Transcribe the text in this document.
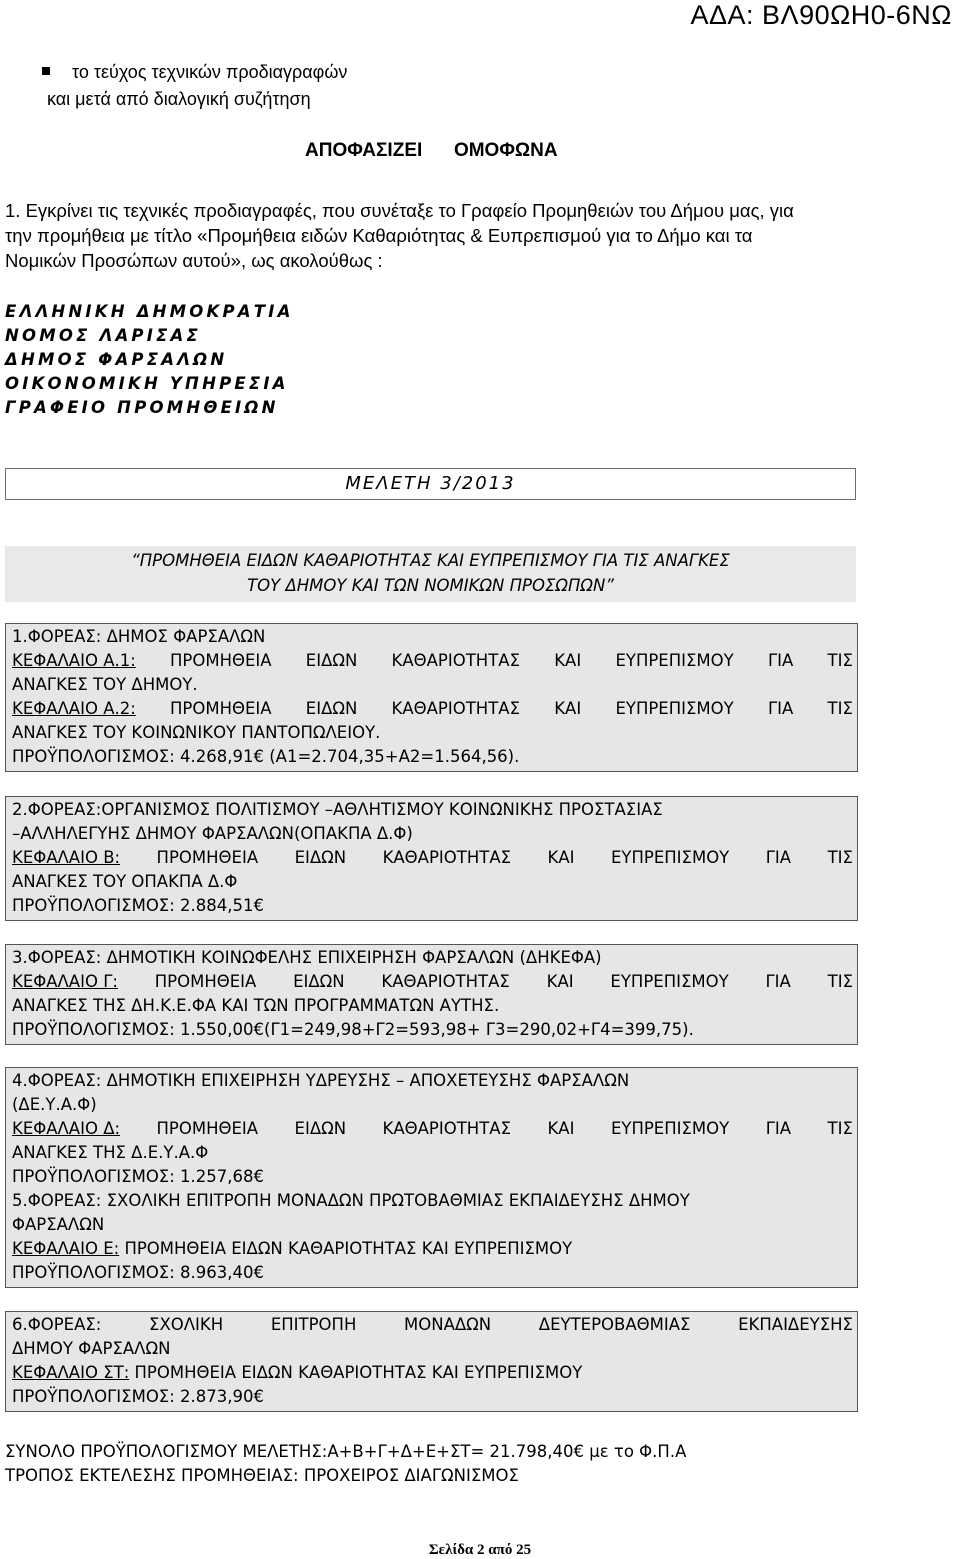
ΑΔΑ: ΒΛ90ΩΗ0-6ΝΩ
το τεύχος τεχνικών προδιαγραφών
και μετά από διαλογική συζήτηση
ΑΠΟΦΑΣΙΖΕΙ      ΟΜΟΦΩΝΑ
1. Εγκρίνει τις τεχνικές προδιαγραφές, που συνέταξε το Γραφείο Προμηθειών του Δήμου μας, για
την προμήθεια με τίτλο «Προμήθεια ειδών Καθαριότητας & Ευπρεπισμού για το Δήμο και τα
Νομικών Προσώπων αυτού», ως ακολούθως :
ΕΛΛΗΝΙΚΗ ΔΗΜΟΚΡΑΤΙΑ
ΝΟΜΟΣ ΛΑΡΙΣΑΣ
ΔΗΜΟΣ ΦΑΡΣΑΛΩΝ
ΟΙΚΟΝΟΜΙΚΗ ΥΠΗΡΕΣΙΑ
ΓΡΑΦΕΙΟ ΠΡΟΜΗΘΕΙΩΝ
ΜΕΛΕΤΗ 3/2013
“ΠΡΟΜΗΘΕΙΑ ΕΙΔΩΝ ΚΑΘΑΡΙΟΤΗΤΑΣ ΚΑΙ ΕΥΠΡΕΠΙΣΜΟΥ ΓΙΑ ΤΙΣ ΑΝΑΓΚΕΣ
ΤΟΥ ΔΗΜΟΥ ΚΑΙ ΤΩΝ ΝΟΜΙΚΩΝ ΠΡΟΣΩΠΩΝ”
1.ΦΟΡΕΑΣ: ΔΗΜΟΣ ΦΑΡΣΑΛΩΝ
ΚΕΦΑΛΑΙΟ Α.1: ΠΡΟΜΗΘΕΙΑ ΕΙΔΩΝ ΚΑΘΑΡΙΟΤΗΤΑΣ ΚΑΙ ΕΥΠΡΕΠΙΣΜΟΥ ΓΙΑ ΤΙΣ
ΑΝΑΓΚΕΣ ΤΟΥ ΔΗΜΟΥ.
ΚΕΦΑΛΑΙΟ Α.2: ΠΡΟΜΗΘΕΙΑ ΕΙΔΩΝ ΚΑΘΑΡΙΟΤΗΤΑΣ ΚΑΙ ΕΥΠΡΕΠΙΣΜΟΥ ΓΙΑ ΤΙΣ
ΑΝΑΓΚΕΣ ΤΟΥ ΚΟΙΝΩΝΙΚΟΥ ΠΑΝΤΟΠΩΛΕΙΟΥ.
ΠΡΟΫΠΟΛΟΓΙΣΜΟΣ: 4.268,91€ (Α1=2.704,35+Α2=1.564,56).
2.ΦΟΡΕΑΣ:ΟΡΓΑΝΙΣΜΟΣ ΠΟΛΙΤΙΣΜΟΥ –ΑΘΛΗΤΙΣΜΟΥ ΚΟΙΝΩΝΙΚΗΣ ΠΡΟΣΤΑΣΙΑΣ
–ΑΛΛΗΛΕΓΥΗΣ ΔΗΜΟΥ ΦΑΡΣΑΛΩΝ(ΟΠΑΚΠΑ Δ.Φ)
ΚΕΦΑΛΑΙΟ Β: ΠΡΟΜΗΘΕΙΑ ΕΙΔΩΝ ΚΑΘΑΡΙΟΤΗΤΑΣ ΚΑΙ ΕΥΠΡΕΠΙΣΜΟΥ ΓΙΑ ΤΙΣ
ΑΝΑΓΚΕΣ ΤΟΥ ΟΠΑΚΠΑ Δ.Φ
ΠΡΟΫΠΟΛΟΓΙΣΜΟΣ: 2.884,51€
3.ΦΟΡΕΑΣ: ΔΗΜΟΤΙΚΗ ΚΟΙΝΩΦΕΛΗΣ ΕΠΙΧΕΙΡΗΣΗ ΦΑΡΣΑΛΩΝ (ΔΗΚΕΦΑ)
ΚΕΦΑΛΑΙΟ Γ: ΠΡΟΜΗΘΕΙΑ ΕΙΔΩΝ ΚΑΘΑΡΙΟΤΗΤΑΣ ΚΑΙ ΕΥΠΡΕΠΙΣΜΟΥ ΓΙΑ ΤΙΣ
ΑΝΑΓΚΕΣ ΤΗΣ ΔΗ.Κ.Ε.ΦΑ ΚΑΙ ΤΩΝ ΠΡΟΓΡΑΜΜΑΤΩΝ ΑΥΤΗΣ.
ΠΡΟΫΠΟΛΟΓΙΣΜΟΣ: 1.550,00€(Γ1=249,98+Γ2=593,98+ Γ3=290,02+Γ4=399,75).
4.ΦΟΡΕΑΣ: ΔΗΜΟΤΙΚΗ ΕΠΙΧΕΙΡΗΣΗ ΥΔΡΕΥΣΗΣ – ΑΠΟΧΕΤΕΥΣΗΣ ΦΑΡΣΑΛΩΝ
(ΔΕ.Υ.Α.Φ)
ΚΕΦΑΛΑΙΟ Δ: ΠΡΟΜΗΘΕΙΑ ΕΙΔΩΝ ΚΑΘΑΡΙΟΤΗΤΑΣ ΚΑΙ ΕΥΠΡΕΠΙΣΜΟΥ ΓΙΑ ΤΙΣ
ΑΝΑΓΚΕΣ ΤΗΣ Δ.Ε.Υ.Α.Φ
ΠΡΟΫΠΟΛΟΓΙΣΜΟΣ: 1.257,68€
5.ΦΟΡΕΑΣ: ΣΧΟΛΙΚΗ ΕΠΙΤΡΟΠΗ ΜΟΝΑΔΩΝ ΠΡΩΤΟΒΑΘΜΙΑΣ ΕΚΠΑΙΔΕΥΣΗΣ ΔΗΜΟΥ
ΦΑΡΣΑΛΩΝ
ΚΕΦΑΛΑΙΟ Ε: ΠΡΟΜΗΘΕΙΑ ΕΙΔΩΝ ΚΑΘΑΡΙΟΤΗΤΑΣ ΚΑΙ ΕΥΠΡΕΠΙΣΜΟΥ
ΠΡΟΫΠΟΛΟΓΙΣΜΟΣ: 8.963,40€
6.ΦΟΡΕΑΣ:	ΣΧΟΛΙΚΗ	ΕΠΙΤΡΟΠΗ	ΜΟΝΑΔΩΝ	ΔΕΥΤΕΡΟΒΑΘΜΙΑΣ	ΕΚΠΑΙΔΕΥΣΗΣ
ΔΗΜΟΥ ΦΑΡΣΑΛΩΝ
ΚΕΦΑΛΑΙΟ ΣΤ: ΠΡΟΜΗΘΕΙΑ ΕΙΔΩΝ ΚΑΘΑΡΙΟΤΗΤΑΣ ΚΑΙ ΕΥΠΡΕΠΙΣΜΟΥ
ΠΡΟΫΠΟΛΟΓΙΣΜΟΣ: 2.873,90€
ΣΥΝΟΛΟ ΠΡΟΫΠΟΛΟΓΙΣΜΟΥ ΜΕΛΕΤΗΣ:Α+Β+Γ+Δ+Ε+ΣΤ= 21.798,40€ με το Φ.Π.Α
ΤΡΟΠΟΣ ΕΚΤΕΛΕΣΗΣ ΠΡΟΜΗΘΕΙΑΣ: ΠΡΟΧΕΙΡΟΣ ΔΙΑΓΩΝΙΣΜΟΣ
Σελίδα 2 από 25
